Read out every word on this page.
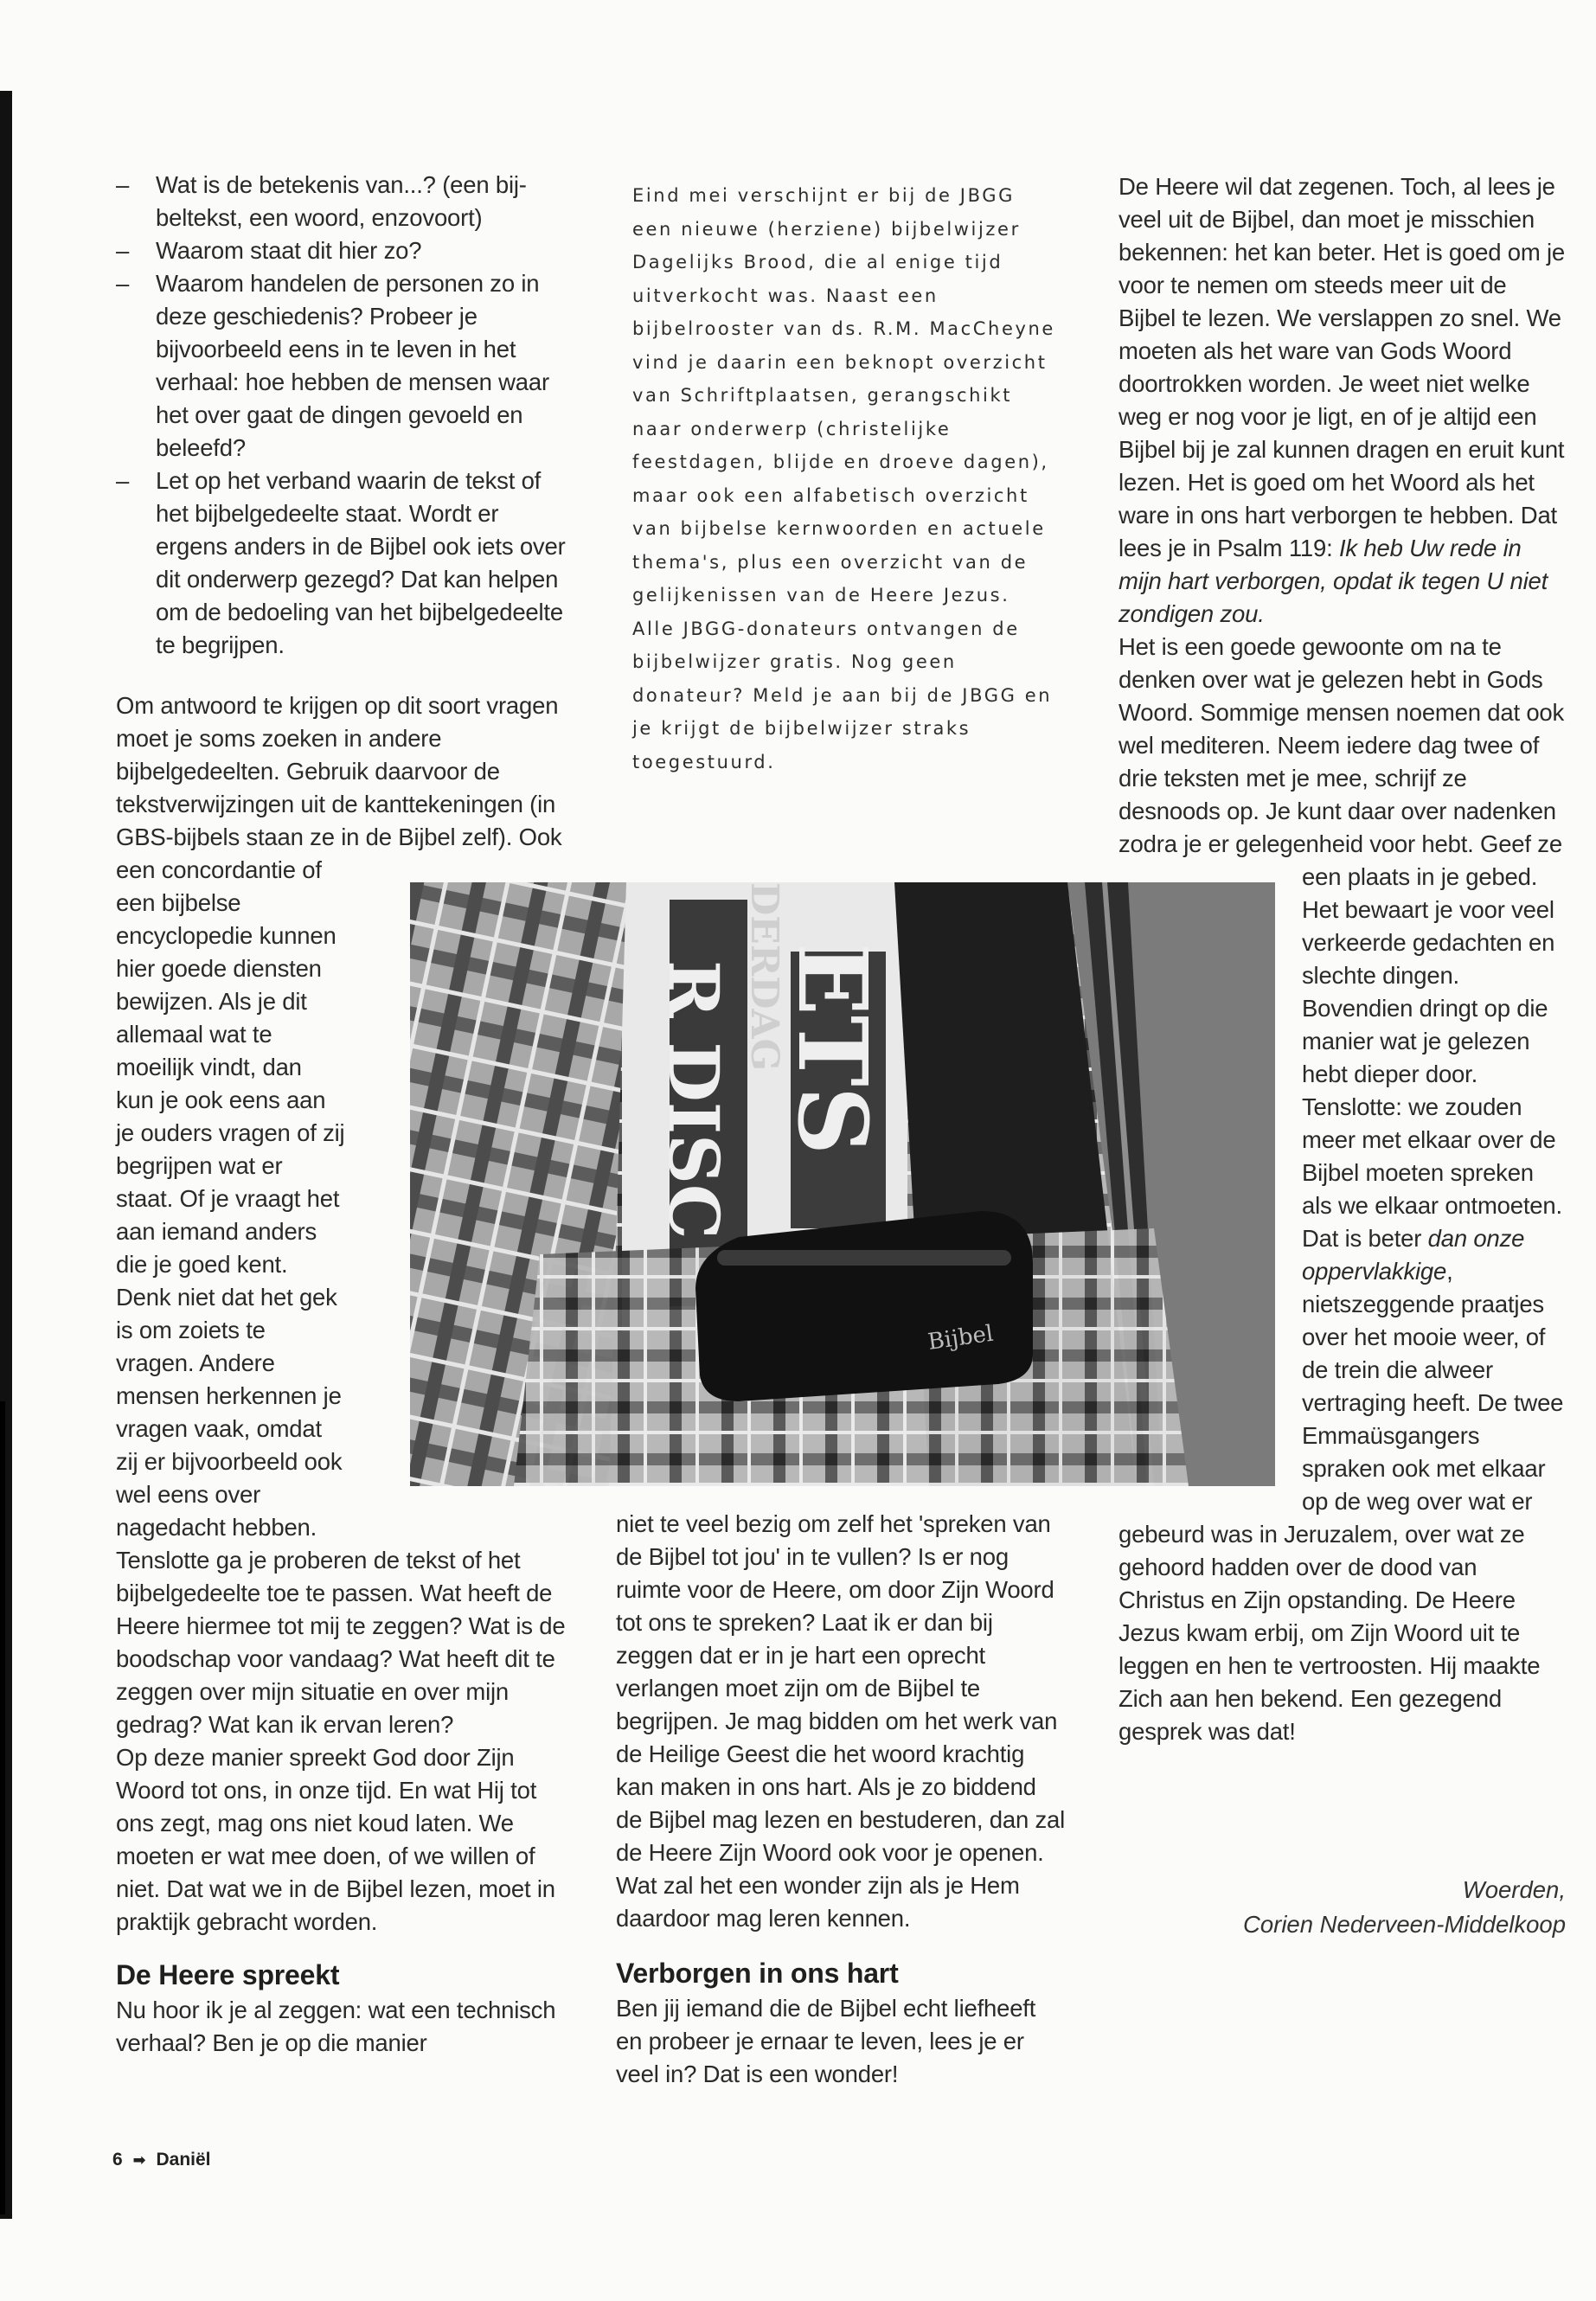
– Wat is de betekenis van...? (een bij-beltekst, een woord, enzovoort)
– Waarom staat dit hier zo?
– Waarom handelen de personen zo in deze geschiedenis? Probeer je bijvoorbeeld eens in te leven in het verhaal: hoe hebben de mensen waar het over gaat de dingen gevoeld en beleefd?
– Let op het verband waarin de tekst of het bijbelgedeelte staat. Wordt er ergens anders in de Bijbel ook iets over dit onderwerp gezegd? Dat kan helpen om de bedoeling van het bijbelgedeelte te begrijpen.

Om antwoord te krijgen op dit soort vragen moet je soms zoeken in andere bijbelgedeelten. Gebruik daarvoor de tekstverwijzingen uit de kanttekeningen (in GBS-bijbels staan ze in de Bijbel zelf). Ook een concordantie of een bijbelse encyclopedie kunnen hier goede diensten bewijzen. Als je dit allemaal wat te moeilijk vindt, dan kun je ook eens aan je ouders vragen of zij begrijpen wat er staat. Of je vraagt het aan iemand anders die je goed kent. Denk niet dat het gek is om zoiets te vragen. Andere mensen herkennen je vragen vaak, omdat zij er bijvoorbeeld ook wel eens over nagedacht hebben.

Tenslotte ga je proberen de tekst of het bijbelgedeelte toe te passen. Wat heeft de Heere hiermee tot mij te zeggen? Wat is de boodschap voor vandaag? Wat heeft dit te zeggen over mijn situatie en over mijn gedrag? Wat kan ik ervan leren?

Op deze manier spreekt God door Zijn Woord tot ons, in onze tijd. En wat Hij tot ons zegt, mag ons niet koud laten. We moeten er wat mee doen, of we willen of niet. Dat wat we in de Bijbel lezen, moet in praktijk gebracht worden.

De Heere spreekt

Nu hoor ik je al zeggen: wat een technisch verhaal? Ben je op die manier

Eind mei verschijnt er bij de JBGG een nieuwe (herziene) bijbelwijzer Dagelijks Brood, die al enige tijd uitverkocht was. Naast een bijbelrooster van ds. R.M. MacCheyne vind je daarin een beknopt overzicht van Schriftplaatsen, gerangschikt naar onderwerp (christelijke feestdagen, blijde en droeve dagen), maar ook een alfabetisch overzicht van bijbelse kernwoorden en actuele thema's, plus een overzicht van de gelijkenissen van de Heere Jezus.

Alle JBGG-donateurs ontvangen de bijbelwijzer gratis. Nog geen donateur? Meld je aan bij de JBGG en je krijgt de bijbelwijzer straks toegestuurd.

DERDAG
R DISC ETS
Bijbel

niet te veel bezig om zelf het 'spreken van de Bijbel tot jou' in te vullen? Is er nog ruimte voor de Heere, om door Zijn Woord tot ons te spreken? Laat ik er dan bij zeggen dat er in je hart een oprecht verlangen moet zijn om de Bijbel te begrijpen. Je mag bidden om het werk van de Heilige Geest die het woord krachtig kan maken in ons hart. Als je zo biddend de Bijbel mag lezen en bestuderen, dan zal de Heere Zijn Woord ook voor je openen. Wat zal het een wonder zijn als je Hem daardoor mag leren kennen.

Verborgen in ons hart

Ben jij iemand die de Bijbel echt liefheeft en probeer je ernaar te leven, lees je er veel in? Dat is een wonder!

De Heere wil dat zegenen. Toch, al lees je veel uit de Bijbel, dan moet je misschien bekennen: het kan beter. Het is goed om je voor te nemen om steeds meer uit de Bijbel te lezen. We verslappen zo snel. We moeten als het ware van Gods Woord doortrokken worden. Je weet niet welke weg er nog voor je ligt, en of je altijd een Bijbel bij je zal kunnen dragen en eruit kunt lezen. Het is goed om het Woord als het ware in ons hart verborgen te hebben. Dat lees je in Psalm 119: Ik heb Uw rede in mijn hart verborgen, opdat ik tegen U niet zondigen zou.

Het is een goede gewoonte om na te denken over wat je gelezen hebt in Gods Woord. Sommige mensen noemen dat ook wel mediteren. Neem iedere dag twee of drie teksten met je mee, schrijf ze desnoods op. Je kunt daar over nadenken zodra je er gelegenheid voor hebt. Geef ze een plaats in je gebed. Het bewaart je voor veel verkeerde gedachten en slechte dingen. Bovendien dringt op die manier wat je gelezen hebt dieper door.

Tenslotte: we zouden meer met elkaar over de Bijbel moeten spreken als we elkaar ontmoeten. Dat is beter dan onze oppervlakkige, nietszeggende praatjes over het mooie weer, of de trein die alweer vertraging heeft. De twee Emmaüsgangers spraken ook met elkaar op de weg over wat er gebeurd was in Jeruzalem, over wat ze gehoord hadden over de dood van Christus en Zijn opstanding. De Heere Jezus kwam erbij, om Zijn Woord uit te leggen en hen te vertroosten. Hij maakte Zich aan hen bekend. Een gezegend gesprek was dat!

Woerden,
Corien Nederveen-Middelkoop
6 ➡ Daniël
